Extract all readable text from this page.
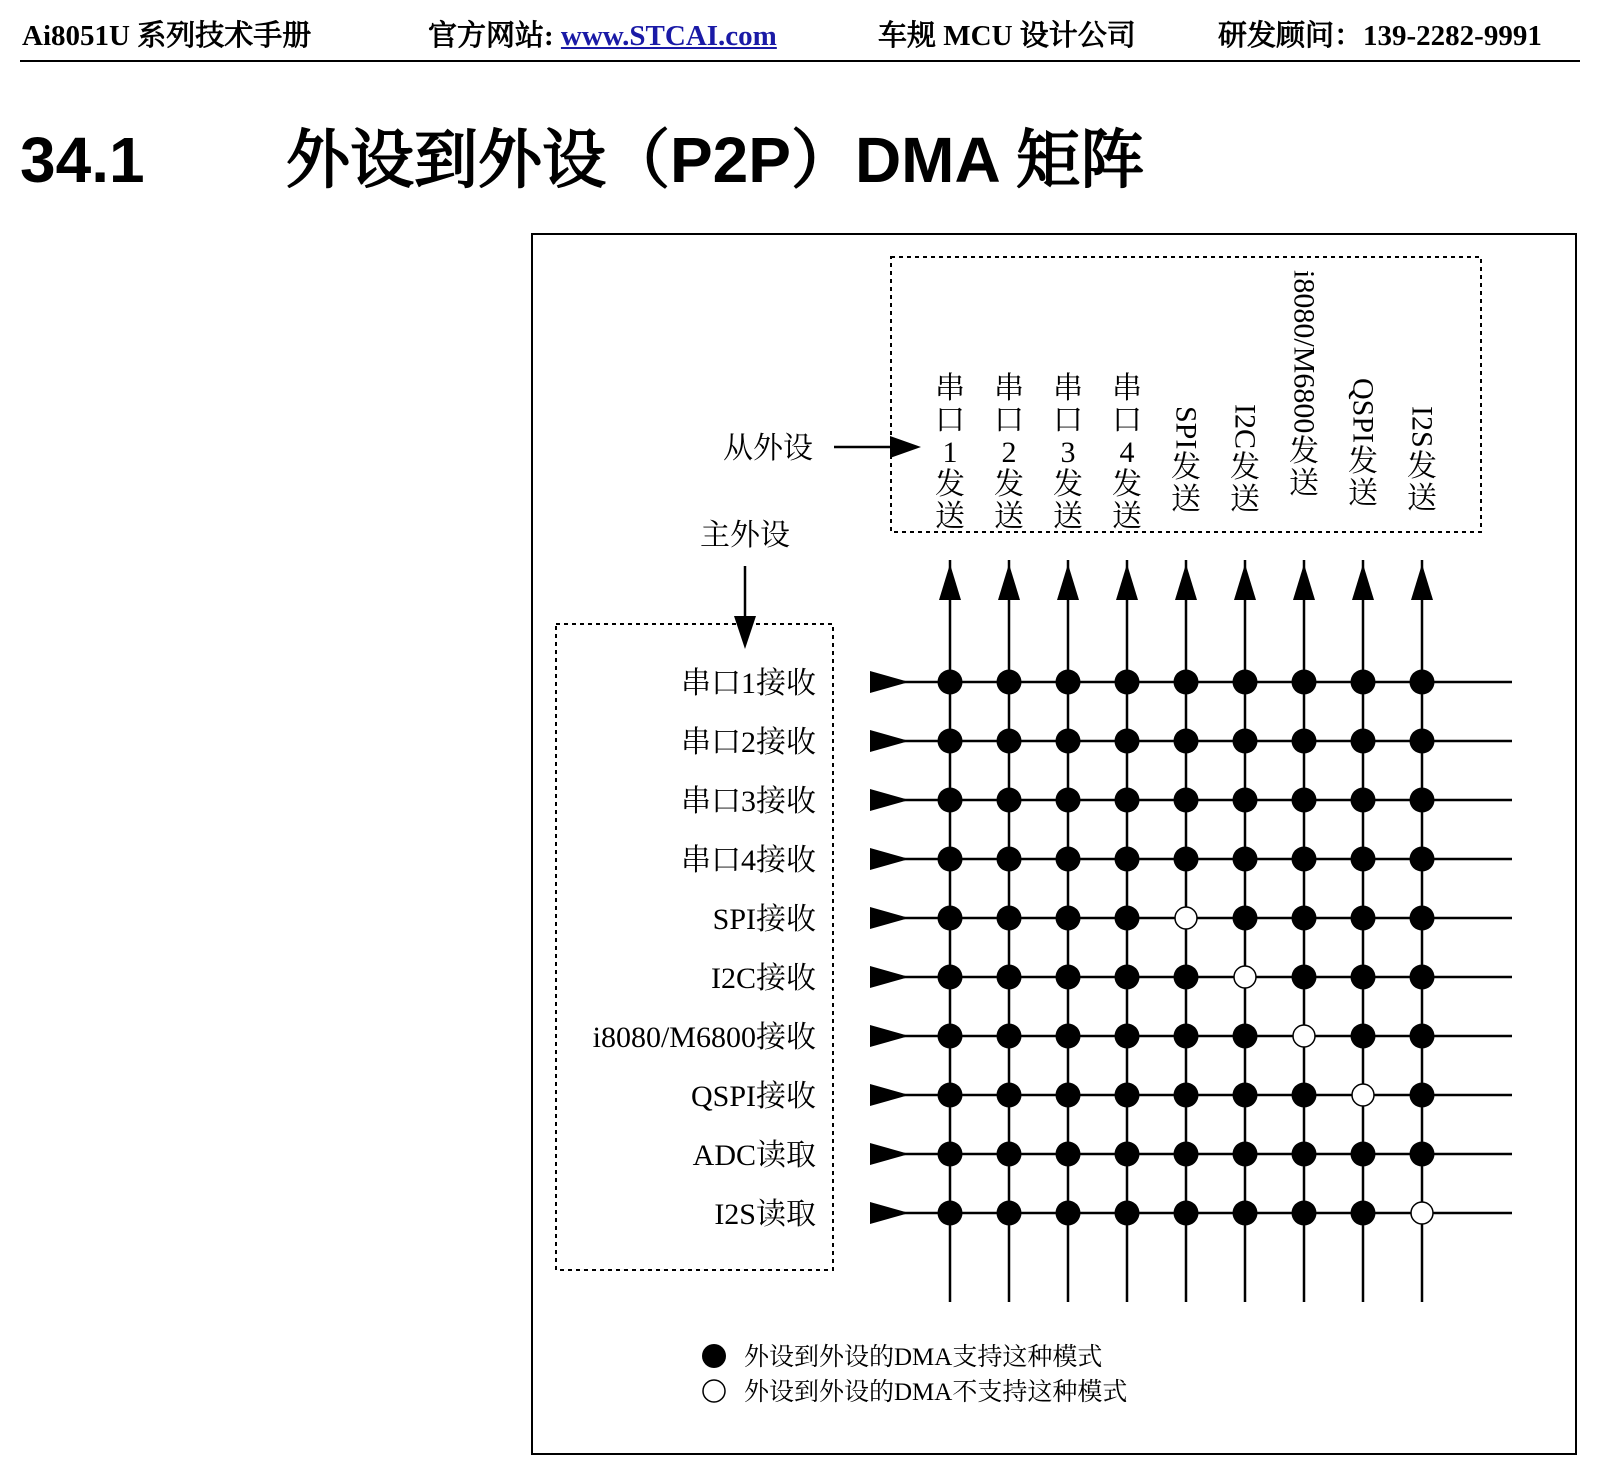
Ai8051U 系列技术手册	官方网站: www.STCAI.com	车规 MCU 设计公司	研发顾问：139-2282-9991
34.1 外设到外设（P2P）DMA 矩阵
从外设
主外设
串
口
1
发
送
串
口
2
发
送
串
口
3
发
送
串
口
4
发
送
SPI
发
送
I2C
发
送
i8080/M6800
发
送
QSPI
发
送
I2S
发
送
串口1接收
串口2接收
串口3接收
串口4接收
SPI接收
I2C接收
i8080/M6800接收
QSPI接收
ADC读取
I2S读取
外设到外设的DMA支持这种模式
外设到外设的DMA不支持这种模式
